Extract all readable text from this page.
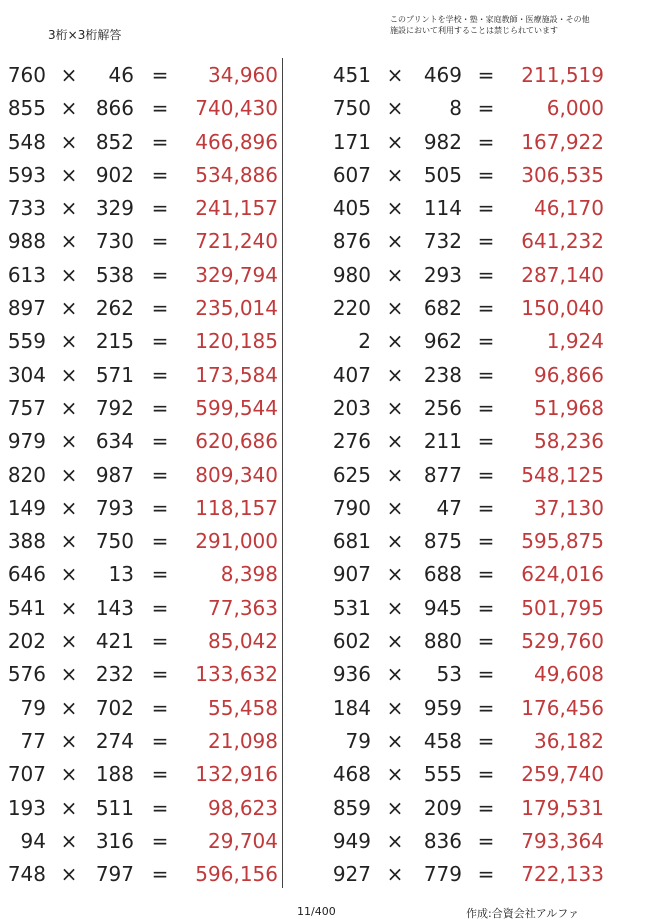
3桁×3桁解答
このプリントを学校・塾・家庭教師・医療施設・その他
施設において利用することは禁じられています
760 ×	46 =	34,960
855 × 866 =	740,430
548 × 852 =	466,896
593 × 902 =	534,886
733 × 329 =	241,157
988 × 730 =	721,240
613 × 538 =	329,794
897 × 262 =	235,014
559 × 215 =	120,185
304 × 571 =	173,584
757 × 792 =	599,544
979 × 634 =	620,686
820 × 987 =	809,340
149 × 793 =	118,157
388 × 750 =	291,000
646 ×	13 =	8,398
541 × 143 =	77,363
202 × 421 =	85,042
576 × 232 =	133,632
79 × 702 =	55,458
77 × 274 =	21,098
707 × 188 =	132,916
193 × 511 =	98,623
94 × 316 =	29,704
748 × 797 =	596,156
451 ×	469 =	211,519
750 ×	8 =	6,000
171 ×	982 =	167,922
607 ×	505 =	306,535
405 ×	114 =	46,170
876 ×	732 =	641,232
980 ×	293 =	287,140
220 ×	682 =	150,040
2 ×	962 =	1,924
407 ×	238 =	96,866
203 ×	256 =	51,968
276 ×	211 =	58,236
625 ×	877 =	548,125
790 ×	47 =	37,130
681 ×	875 =	595,875
907 ×	688 =	624,016
531 ×	945 =	501,795
602 ×	880 =	529,760
936 ×	53 =	49,608
184 ×	959 =	176,456
79 ×	458 =	36,182
468 ×	555 =	259,740
859 ×	209 =	179,531
949 ×	836 =	793,364
927 ×	779 =	722,133
11/400	作成:合資会社アルファ
